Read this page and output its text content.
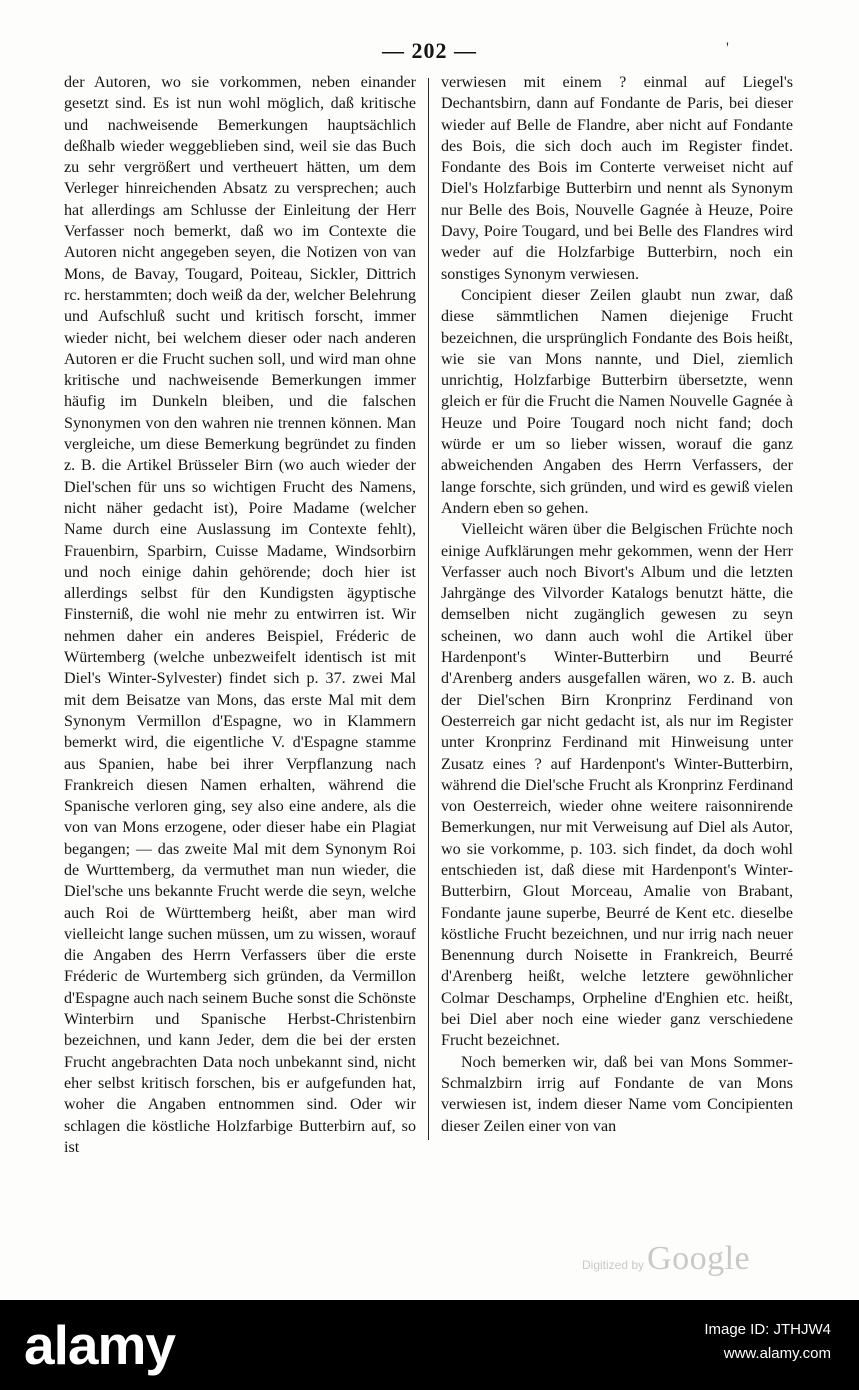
— 202 —	'

der Autoren, wo sie vorkommen, neben einander gesetzt sind. Es ist nun wohl möglich, daß kritische und nachweisende Bemerkungen hauptsächlich deßhalb wieder weggeblieben sind, weil sie das Buch zu sehr vergrößert und vertheuert hätten, um dem Verleger hinreichenden Absatz zu versprechen; auch hat allerdings am Schlusse der Einleitung der Herr Verfasser noch bemerkt, daß wo im Contexte die Autoren nicht angegeben seyen, die Notizen von van Mons, de Bavay, Tougard, Poiteau, Sickler, Dittrich rc. herstammten; doch weiß da der, welcher Belehrung und Aufschluß sucht und kritisch forscht, immer wieder nicht, bei welchem dieser oder nach anderen Autoren er die Frucht suchen soll, und wird man ohne kritische und nachweisende Bemerkungen immer häufig im Dunkeln bleiben, und die falschen Synonymen von den wahren nie trennen können. Man vergleiche, um diese Bemerkung begründet zu finden z. B. die Artikel Brüsseler Birn (wo auch wieder der Diel'schen für uns so wichtigen Frucht des Namens, nicht näher gedacht ist), Poire Madame (welcher Name durch eine Auslassung im Contexte fehlt), Frauenbirn, Sparbirn, Cuisse Madame, Windsorbirn und noch einige dahin gehörende; doch hier ist allerdings selbst für den Kundigsten ägyptische Finsterniß, die wohl nie mehr zu entwirren ist. Wir nehmen daher ein anderes Beispiel, Fréderic de Würtemberg (welche unbezweifelt identisch ist mit Diel's Winter-Sylvester) findet sich p. 37. zwei Mal mit dem Beisatze van Mons, das erste Mal mit dem Synonym Vermillon d'Espagne, wo in Klammern bemerkt wird, die eigentliche V. d'Espagne stamme aus Spanien, habe bei ihrer Verpflanzung nach Frankreich diesen Namen erhalten, während die Spanische verloren ging, sey also eine andere, als die von van Mons erzogene, oder dieser habe ein Plagiat begangen; — das zweite Mal mit dem Synonym Roi de Wurttemberg, da vermuthet man nun wieder, die Diel'sche uns bekannte Frucht werde die seyn, welche auch Roi de Württemberg heißt, aber man wird vielleicht lange suchen müssen, um zu wissen, worauf die Angaben des Herrn Verfassers über die erste Fréderic de Wurtemberg sich gründen, da Vermillon d'Espagne auch nach seinem Buche sonst die Schönste Winterbirn und Spanische Herbst-Christenbirn bezeichnen, und kann Jeder, dem die bei der ersten Frucht angebrachten Data noch unbekannt sind, nicht eher selbst kritisch forschen, bis er aufgefunden hat, woher die Angaben entnommen sind. Oder wir schlagen die köstliche Holzfarbige Butterbirn auf, so ist

verwiesen mit einem ? einmal auf Liegel's Dechantsbirn, dann auf Fondante de Paris, bei dieser wieder auf Belle de Flandre, aber nicht auf Fondante des Bois, die sich doch auch im Register findet. Fondante des Bois im Conterte verweiset nicht auf Diel's Holzfarbige Butterbirn und nennt als Synonym nur Belle des Bois, Nouvelle Gagnée à Heuze, Poire Davy, Poire Tougard, und bei Belle des Flandres wird weder auf die Holzfarbige Butterbirn, noch ein sonstiges Synonym verwiesen.

Concipient dieser Zeilen glaubt nun zwar, daß diese sämmtlichen Namen diejenige Frucht bezeichnen, die ursprünglich Fondante des Bois heißt, wie sie van Mons nannte, und Diel, ziemlich unrichtig, Holzfarbige Butterbirn übersetzte, wenn gleich er für die Frucht die Namen Nouvelle Gagnée à Heuze und Poire Tougard noch nicht fand; doch würde er um so lieber wissen, worauf die ganz abweichenden Angaben des Herrn Verfassers, der lange forschte, sich gründen, und wird es gewiß vielen Andern eben so gehen.

Vielleicht wären über die Belgischen Früchte noch einige Aufklärungen mehr gekommen, wenn der Herr Verfasser auch noch Bivort's Album und die letzten Jahrgänge des Vilvorder Katalogs benutzt hätte, die demselben nicht zugänglich gewesen zu seyn scheinen, wo dann auch wohl die Artikel über Hardenpont's Winter-Butterbirn und Beurré d'Arenberg anders ausgefallen wären, wo z. B. auch der Diel'schen Birn Kronprinz Ferdinand von Oesterreich gar nicht gedacht ist, als nur im Register unter Kronprinz Ferdinand mit Hinweisung unter Zusatz eines ? auf Hardenpont's Winter-Butterbirn, während die Diel'sche Frucht als Kronprinz Ferdinand von Oesterreich, wieder ohne weitere raisonnirende Bemerkungen, nur mit Verweisung auf Diel als Autor, wo sie vorkomme, p. 103. sich findet, da doch wohl entschieden ist, daß diese mit Hardenpont's Winter-Butterbirn, Glout Morceau, Amalie von Brabant, Fondante jaune superbe, Beurré de Kent etc. dieselbe köstliche Frucht bezeichnen, und nur irrig nach neuer Benennung durch Noisette in Frankreich, Beurré d'Arenberg heißt, welche letztere gewöhnlicher Colmar Deschamps, Orpheline d'Enghien etc. heißt, bei Diel aber noch eine wieder ganz verschiedene Frucht bezeichnet.

Noch bemerken wir, daß bei van Mons Sommer-Schmalzbirn irrig auf Fondante de van Mons verwiesen ist, indem dieser Name vom Concipienten dieser Zeilen einer von van

Digitized by Google
alamy	Image ID: JTHJW4
www.alamy.com
